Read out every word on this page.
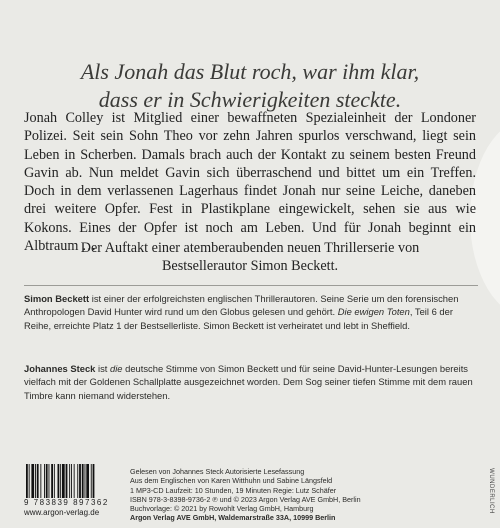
WUNDERLICH
Als Jonah das Blut roch, war ihm klar,
dass er in Schwierigkeiten steckte.
Jonah Colley ist Mitglied einer bewaffneten Spezialeinheit der Londoner Polizei. Seit sein Sohn Theo vor zehn Jahren spurlos verschwand, liegt sein Leben in Scherben. Damals brach auch der Kontakt zu seinem besten Freund Gavin ab. Nun meldet Gavin sich überraschend und bittet um ein Treffen. Doch in dem verlassenen Lagerhaus findet Jonah nur seine Leiche, daneben drei weitere Opfer. Fest in Plastikplane eingewickelt, sehen sie aus wie Kokons. Eines der Opfer ist noch am Leben. Und für Jonah beginnt ein Albtraum …
Der Auftakt einer atemberaubenden neuen Thrillerserie von
Bestsellerautor Simon Beckett.
Simon Beckett ist einer der erfolgreichsten englischen Thrillerautoren. Seine Serie um den forensischen Anthropologen David Hunter wird rund um den Globus gelesen und gehört. Die ewigen Toten, Teil 6 der Reihe, erreichte Platz 1 der Bestsellerliste. Simon Beckett ist verheiratet und lebt in Sheffield.
Johannes Steck ist die deutsche Stimme von Simon Beckett und für seine David-Hunter-Lesungen bereits vielfach mit der Goldenen Schallplatte ausgezeichnet worden. Dem Sog seiner tiefen Stimme mit dem rauen Timbre kann niemand widerstehen.
9 783839 897362
www.argon-verlag.de
Gelesen von Johannes Steck Autorisierte Lesefassung
Aus dem Englischen von Karen Witthuhn und Sabine Längsfeld
1 MP3-CD Laufzeit: 10 Stunden, 19 Minuten Regie: Lutz Schäfer
ISBN 978-3-8398-9736-2 ℗ und © 2023 Argon Verlag AVE GmbH, Berlin
Buchvorlage: © 2021 by Rowohlt Verlag GmbH, Hamburg
Argon Verlag AVE GmbH, Waldemarstraße 33A, 10999 Berlin
